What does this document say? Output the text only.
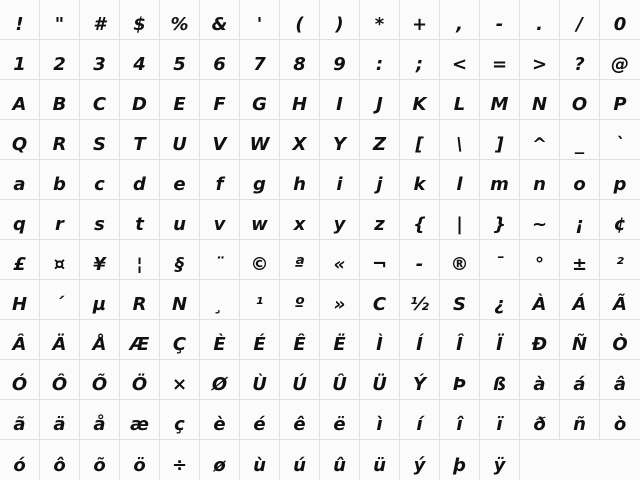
!	"	#	$	%	&	'	(	)	*	+	,	-	.	/	0
1	2	3	4	5	6	7	8	9	:	;	<	=	>	?	@
A	B	C	D	E	F	G	H	I	J	K	L	M	N	O	P
Q	R	S	T	U	V	W	X	Y	Z	[	\	]	^	_	`
a	b	c	d	e	f	g	h	i	j	k	l	m	n	o	p
q	r	s	t	u	v	w	x	y	z	{	|	}	~	¡	¢
£	¤	¥	¦	§	¨	©	ª	«	¬	-	®	¯	°	±	²
H	´	µ	R	N	¸	¹	º	»	C	½	S	¿	À	Á	Ã
Â	Ä	Å	Æ	Ç	È	É	Ê	Ë	Ì	Í	Î	Ï	Ð	Ñ	Ò
Ó	Ô	Õ	Ö	×	Ø	Ù	Ú	Û	Ü	Ý	Þ	ß	à	á	â
ã	ä	å	æ	ç	è	é	ê	ë	ì	í	î	ï	ð	ñ	ò
ó	ô	õ	ö	÷	ø	ù	ú	û	ü	ý	þ	ÿ
